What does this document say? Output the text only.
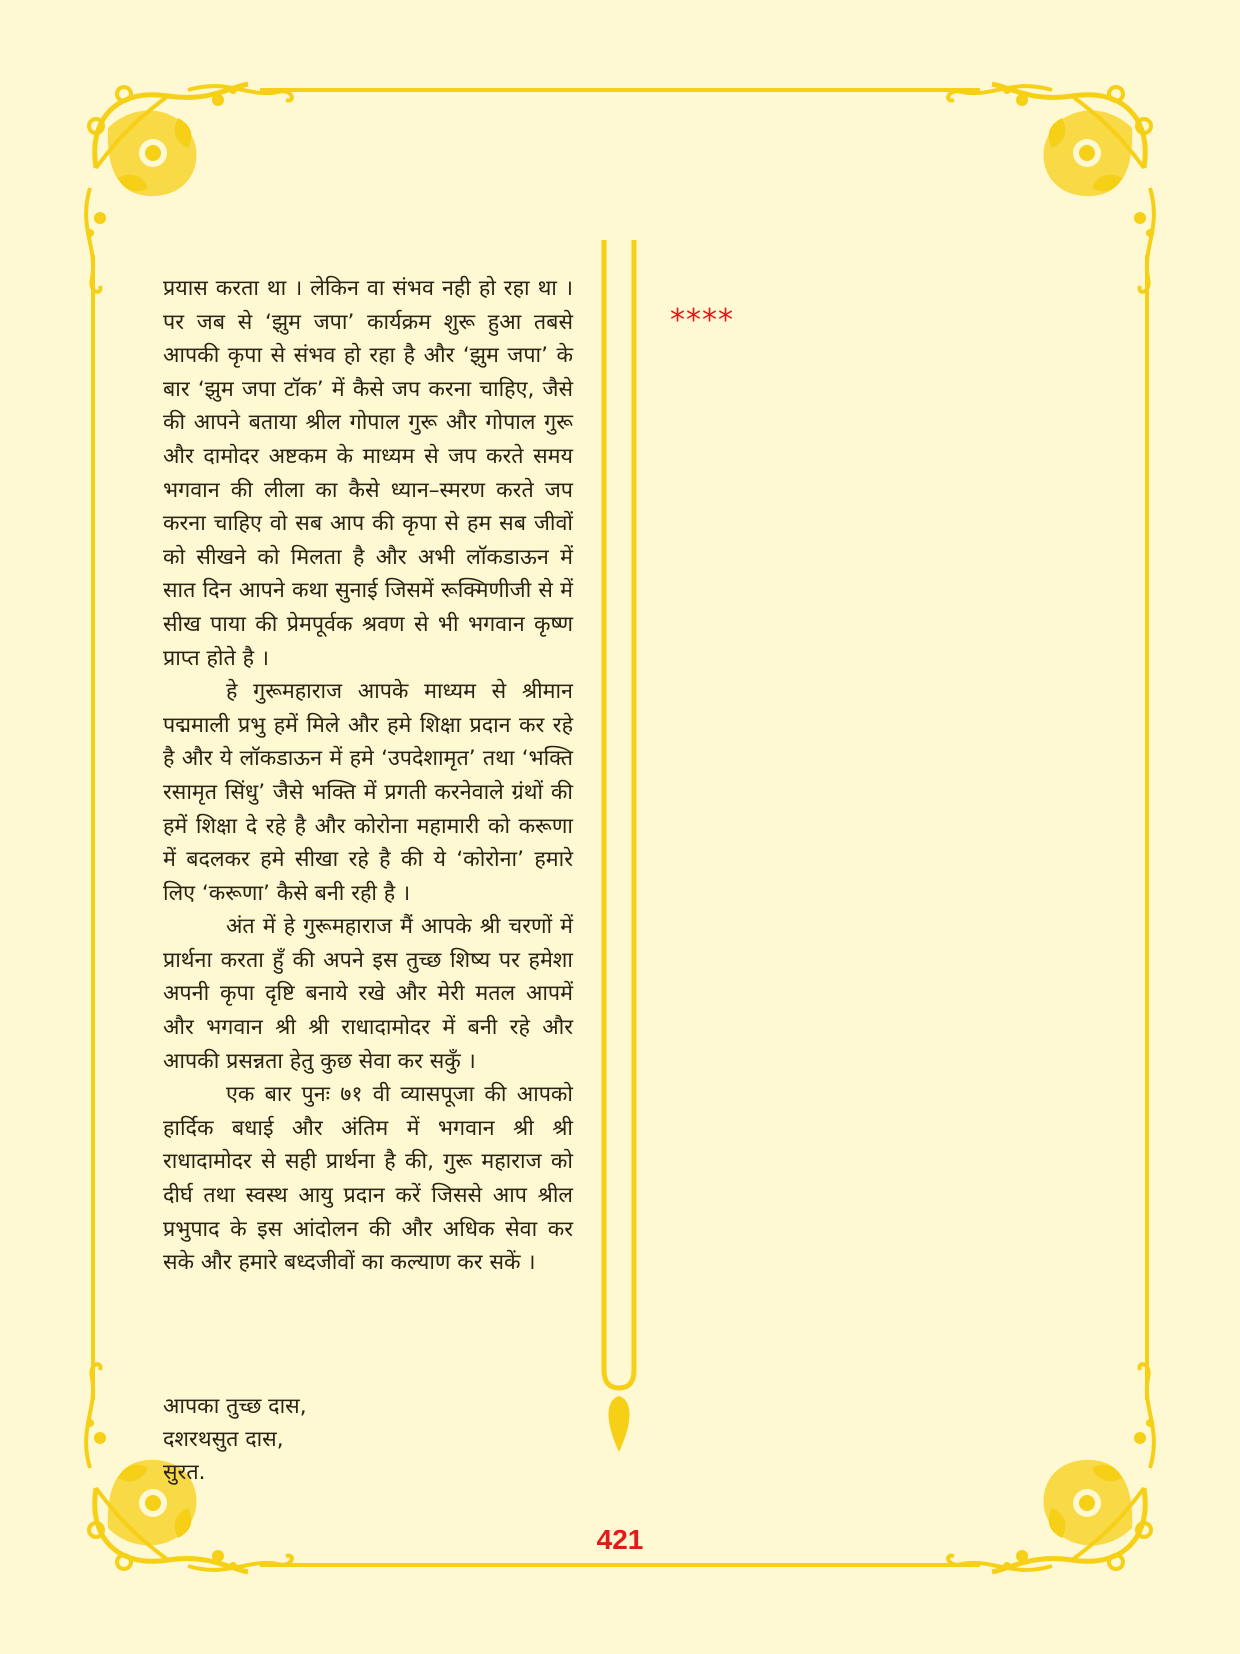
प्रयास करता था । लेकिन वा संभव नही हो रहा था । पर जब से ‘झुम जपा’ कार्यक्रम शुरू हुआ तबसे आपकी कृपा से संभव हो रहा है और ‘झुम जपा’ के बार ‘झुम जपा टॉक’ में कैसे जप करना चाहिए, जैसे की आपने बताया श्रील गोपाल गुरू और गोपाल गुरू और दामोदर अष्टकम के माध्यम से जप करते समय भगवान की लीला का कैसे ध्यान–स्मरण करते जप करना चाहिए वो सब आप की कृपा से हम सब जीवों को सीखने को मिलता है और अभी लॉकडाऊन में सात दिन आपने कथा सुनाई जिसमें रूक्मिणीजी से में सीख पाया की प्रेमपूर्वक श्रवण से भी भगवान कृष्ण प्राप्त होते है ।

हे गुरूमहाराज आपके माध्यम से श्रीमान पद्ममाली प्रभु हमें मिले और हमे शिक्षा प्रदान कर रहे है और ये लॉकडाऊन में हमे ‘उपदेशामृत’ तथा ‘भक्ति रसामृत सिंधु’ जैसे भक्ति में प्रगती करनेवाले ग्रंथों की हमें शिक्षा दे रहे है और कोरोना महामारी को करूणा में बदलकर हमे सीखा रहे है की ये ‘कोरोना’ हमारे लिए ‘करूणा’ कैसे बनी रही है ।

अंत में हे गुरूमहाराज मैं आपके श्री चरणों में प्रार्थना करता हुँ की अपने इस तुच्छ शिष्य पर हमेशा अपनी कृपा दृष्टि बनाये रखे और मेरी मतल आपमें और भगवान श्री श्री राधादामोदर में बनी रहे और आपकी प्रसन्नता हेतु कुछ सेवा कर सकुँ ।

एक बार पुनः ७१ वी व्यासपूजा की आपको हार्दिक बधाई और अंतिम में भगवान श्री श्री राधादामोदर से सही प्रार्थना है की, गुरू महाराज को दीर्घ तथा स्वस्थ आयु प्रदान करें जिससे आप श्रील प्रभुपाद के इस आंदोलन की और अधिक सेवा कर सके और हमारे बध्दजीवों का कल्याण कर सकें ।

आपका तुच्छ दास,
दशरथसुत दास,
सुरत.
****
421
